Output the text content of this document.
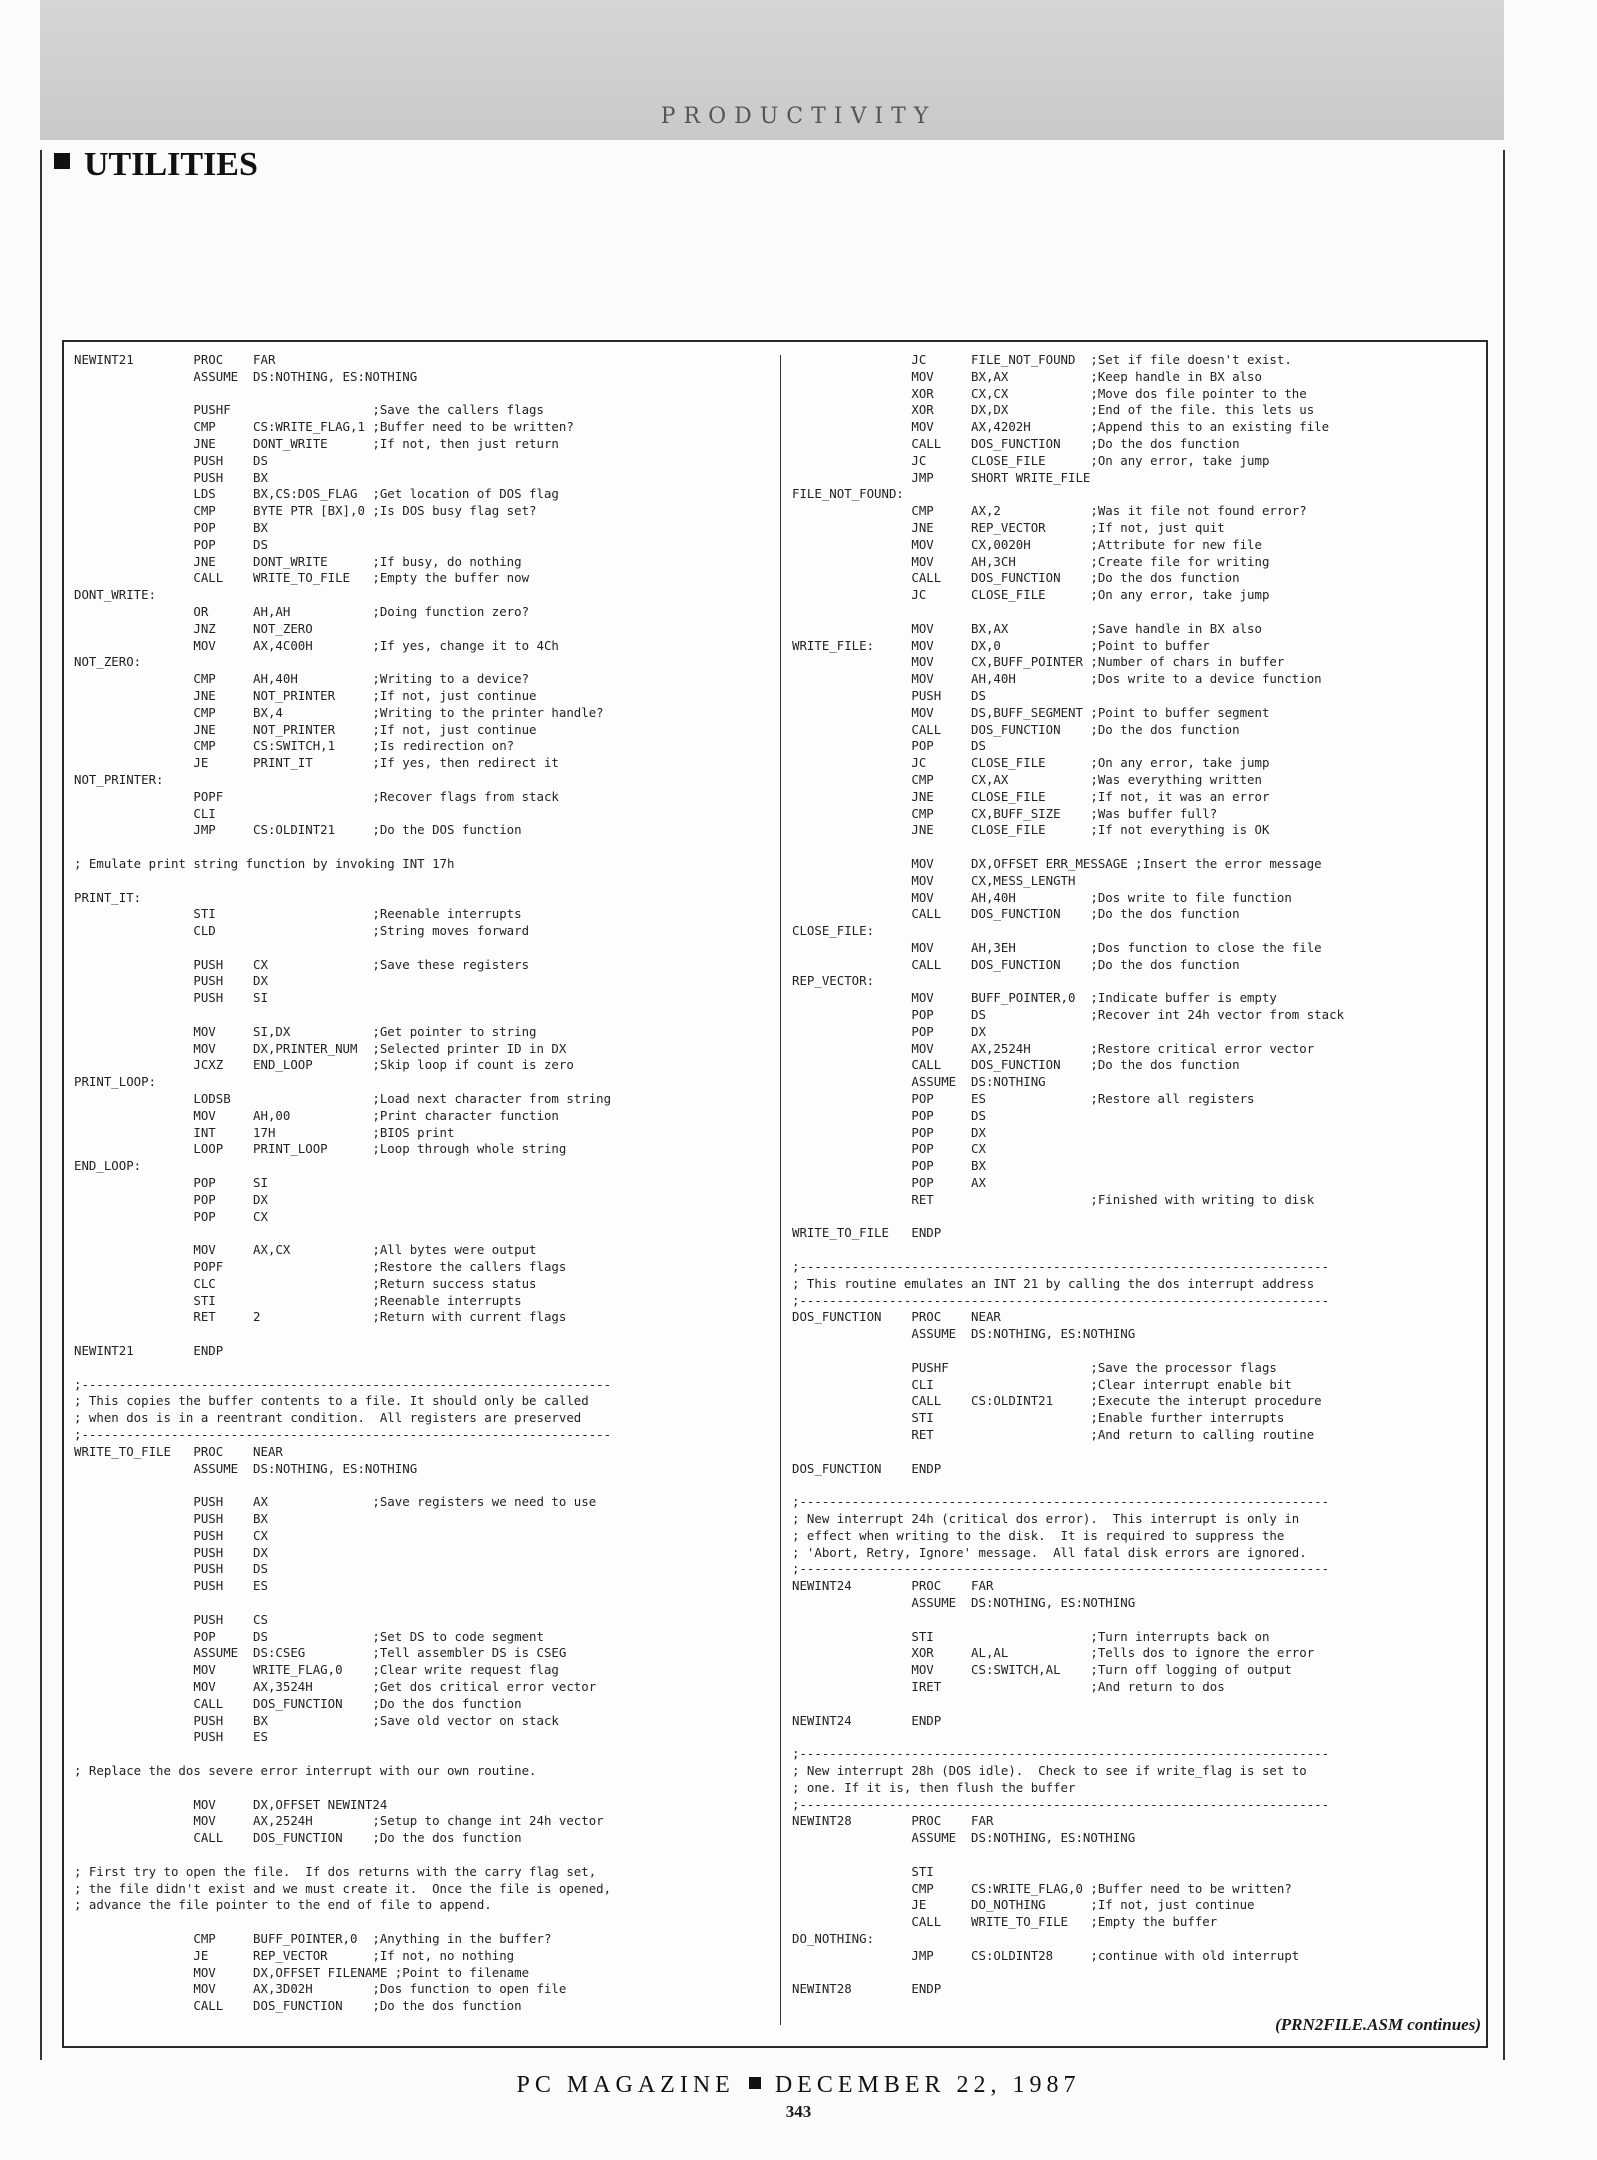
PRODUCTIVITY
UTILITIES
NEWINT21        PROC    FAR
ASSUME  DS:NOTHING, ES:NOTHING
PUSHF                   ;Save the callers flags
CMP     CS:WRITE_FLAG,1 ;Buffer need to be written?
JNE     DONT_WRITE      ;If not, then just return
PUSH    DS
PUSH    BX
LDS     BX,CS:DOS_FLAG  ;Get location of DOS flag
CMP     BYTE PTR [BX],0 ;Is DOS busy flag set?
POP     BX
POP     DS
JNE     DONT_WRITE      ;If busy, do nothing
CALL    WRITE_TO_FILE   ;Empty the buffer now
DONT_WRITE:
OR      AH,AH           ;Doing function zero?
JNZ     NOT_ZERO
MOV     AX,4C00H        ;If yes, change it to 4Ch
NOT_ZERO:
CMP     AH,40H          ;Writing to a device?
JNE     NOT_PRINTER     ;If not, just continue
CMP     BX,4            ;Writing to the printer handle?
JNE     NOT_PRINTER     ;If not, just continue
CMP     CS:SWITCH,1     ;Is redirection on?
JE      PRINT_IT        ;If yes, then redirect it
NOT_PRINTER:
POPF                    ;Recover flags from stack
CLI
JMP     CS:OLDINT21     ;Do the DOS function
; Emulate print string function by invoking INT 17h
PRINT_IT:
STI                     ;Reenable interrupts
CLD                     ;String moves forward
PUSH    CX              ;Save these registers
PUSH    DX
PUSH    SI
MOV     SI,DX           ;Get pointer to string
MOV     DX,PRINTER_NUM  ;Selected printer ID in DX
JCXZ    END_LOOP        ;Skip loop if count is zero
PRINT_LOOP:
LODSB                   ;Load next character from string
MOV     AH,00           ;Print character function
INT     17H             ;BIOS print
LOOP    PRINT_LOOP      ;Loop through whole string
END_LOOP:
POP     SI
POP     DX
POP     CX
MOV     AX,CX           ;All bytes were output
POPF                    ;Restore the callers flags
CLC                     ;Return success status
STI                     ;Reenable interrupts
RET     2               ;Return with current flags
NEWINT21        ENDP
;-----------------------------------------------------------------------
; This copies the buffer contents to a file. It should only be called
; when dos is in a reentrant condition.  All registers are preserved
;-----------------------------------------------------------------------
WRITE_TO_FILE   PROC    NEAR
ASSUME  DS:NOTHING, ES:NOTHING
PUSH    AX              ;Save registers we need to use
PUSH    BX
PUSH    CX
PUSH    DX
PUSH    DS
PUSH    ES
PUSH    CS
POP     DS              ;Set DS to code segment
ASSUME  DS:CSEG         ;Tell assembler DS is CSEG
MOV     WRITE_FLAG,0    ;Clear write request flag
MOV     AX,3524H        ;Get dos critical error vector
CALL    DOS_FUNCTION    ;Do the dos function
PUSH    BX              ;Save old vector on stack
PUSH    ES
; Replace the dos severe error interrupt with our own routine.
MOV     DX,OFFSET NEWINT24
MOV     AX,2524H        ;Setup to change int 24h vector
CALL    DOS_FUNCTION    ;Do the dos function
; First try to open the file.  If dos returns with the carry flag set,
; the file didn't exist and we must create it.  Once the file is opened,
; advance the file pointer to the end of file to append.
CMP     BUFF_POINTER,0  ;Anything in the buffer?
JE      REP_VECTOR      ;If not, no nothing
MOV     DX,OFFSET FILENAME ;Point to filename
MOV     AX,3D02H        ;Dos function to open file
CALL    DOS_FUNCTION    ;Do the dos function
JC      FILE_NOT_FOUND  ;Set if file doesn't exist.
MOV     BX,AX           ;Keep handle in BX also
XOR     CX,CX           ;Move dos file pointer to the
XOR     DX,DX           ;End of the file. this lets us
MOV     AX,4202H        ;Append this to an existing file
CALL    DOS_FUNCTION    ;Do the dos function
JC      CLOSE_FILE      ;On any error, take jump
JMP     SHORT WRITE_FILE
FILE_NOT_FOUND:
CMP     AX,2            ;Was it file not found error?
JNE     REP_VECTOR      ;If not, just quit
MOV     CX,0020H        ;Attribute for new file
MOV     AH,3CH          ;Create file for writing
CALL    DOS_FUNCTION    ;Do the dos function
JC      CLOSE_FILE      ;On any error, take jump
MOV     BX,AX           ;Save handle in BX also
WRITE_FILE:     MOV     DX,0            ;Point to buffer
MOV     CX,BUFF_POINTER ;Number of chars in buffer
MOV     AH,40H          ;Dos write to a device function
PUSH    DS
MOV     DS,BUFF_SEGMENT ;Point to buffer segment
CALL    DOS_FUNCTION    ;Do the dos function
POP     DS
JC      CLOSE_FILE      ;On any error, take jump
CMP     CX,AX           ;Was everything written
JNE     CLOSE_FILE      ;If not, it was an error
CMP     CX,BUFF_SIZE    ;Was buffer full?
JNE     CLOSE_FILE      ;If not everything is OK
MOV     DX,OFFSET ERR_MESSAGE ;Insert the error message
MOV     CX,MESS_LENGTH
MOV     AH,40H          ;Dos write to file function
CALL    DOS_FUNCTION    ;Do the dos function
CLOSE_FILE:
MOV     AH,3EH          ;Dos function to close the file
CALL    DOS_FUNCTION    ;Do the dos function
REP_VECTOR:
MOV     BUFF_POINTER,0  ;Indicate buffer is empty
POP     DS              ;Recover int 24h vector from stack
POP     DX
MOV     AX,2524H        ;Restore critical error vector
CALL    DOS_FUNCTION    ;Do the dos function
ASSUME  DS:NOTHING
POP     ES              ;Restore all registers
POP     DS
POP     DX
POP     CX
POP     BX
POP     AX
RET                     ;Finished with writing to disk
WRITE_TO_FILE   ENDP
;-----------------------------------------------------------------------
; This routine emulates an INT 21 by calling the dos interrupt address
;-----------------------------------------------------------------------
DOS_FUNCTION    PROC    NEAR
ASSUME  DS:NOTHING, ES:NOTHING
PUSHF                   ;Save the processor flags
CLI                     ;Clear interrupt enable bit
CALL    CS:OLDINT21     ;Execute the interupt procedure
STI                     ;Enable further interrupts
RET                     ;And return to calling routine
DOS_FUNCTION    ENDP
;-----------------------------------------------------------------------
; New interrupt 24h (critical dos error).  This interrupt is only in
; effect when writing to the disk.  It is required to suppress the
; 'Abort, Retry, Ignore' message.  All fatal disk errors are ignored.
;-----------------------------------------------------------------------
NEWINT24        PROC    FAR
ASSUME  DS:NOTHING, ES:NOTHING
STI                     ;Turn interrupts back on
XOR     AL,AL           ;Tells dos to ignore the error
MOV     CS:SWITCH,AL    ;Turn off logging of output
IRET                    ;And return to dos
NEWINT24        ENDP
;-----------------------------------------------------------------------
; New interrupt 28h (DOS idle).  Check to see if write_flag is set to
; one. If it is, then flush the buffer
;-----------------------------------------------------------------------
NEWINT28        PROC    FAR
ASSUME  DS:NOTHING, ES:NOTHING
STI
CMP     CS:WRITE_FLAG,0 ;Buffer need to be written?
JE      DO_NOTHING      ;If not, just continue
CALL    WRITE_TO_FILE   ;Empty the buffer
DO_NOTHING:
JMP     CS:OLDINT28     ;continue with old interrupt
NEWINT28        ENDP
(PRN2FILE.ASM continues)
PC MAGAZINE DECEMBER 22, 1987
343
